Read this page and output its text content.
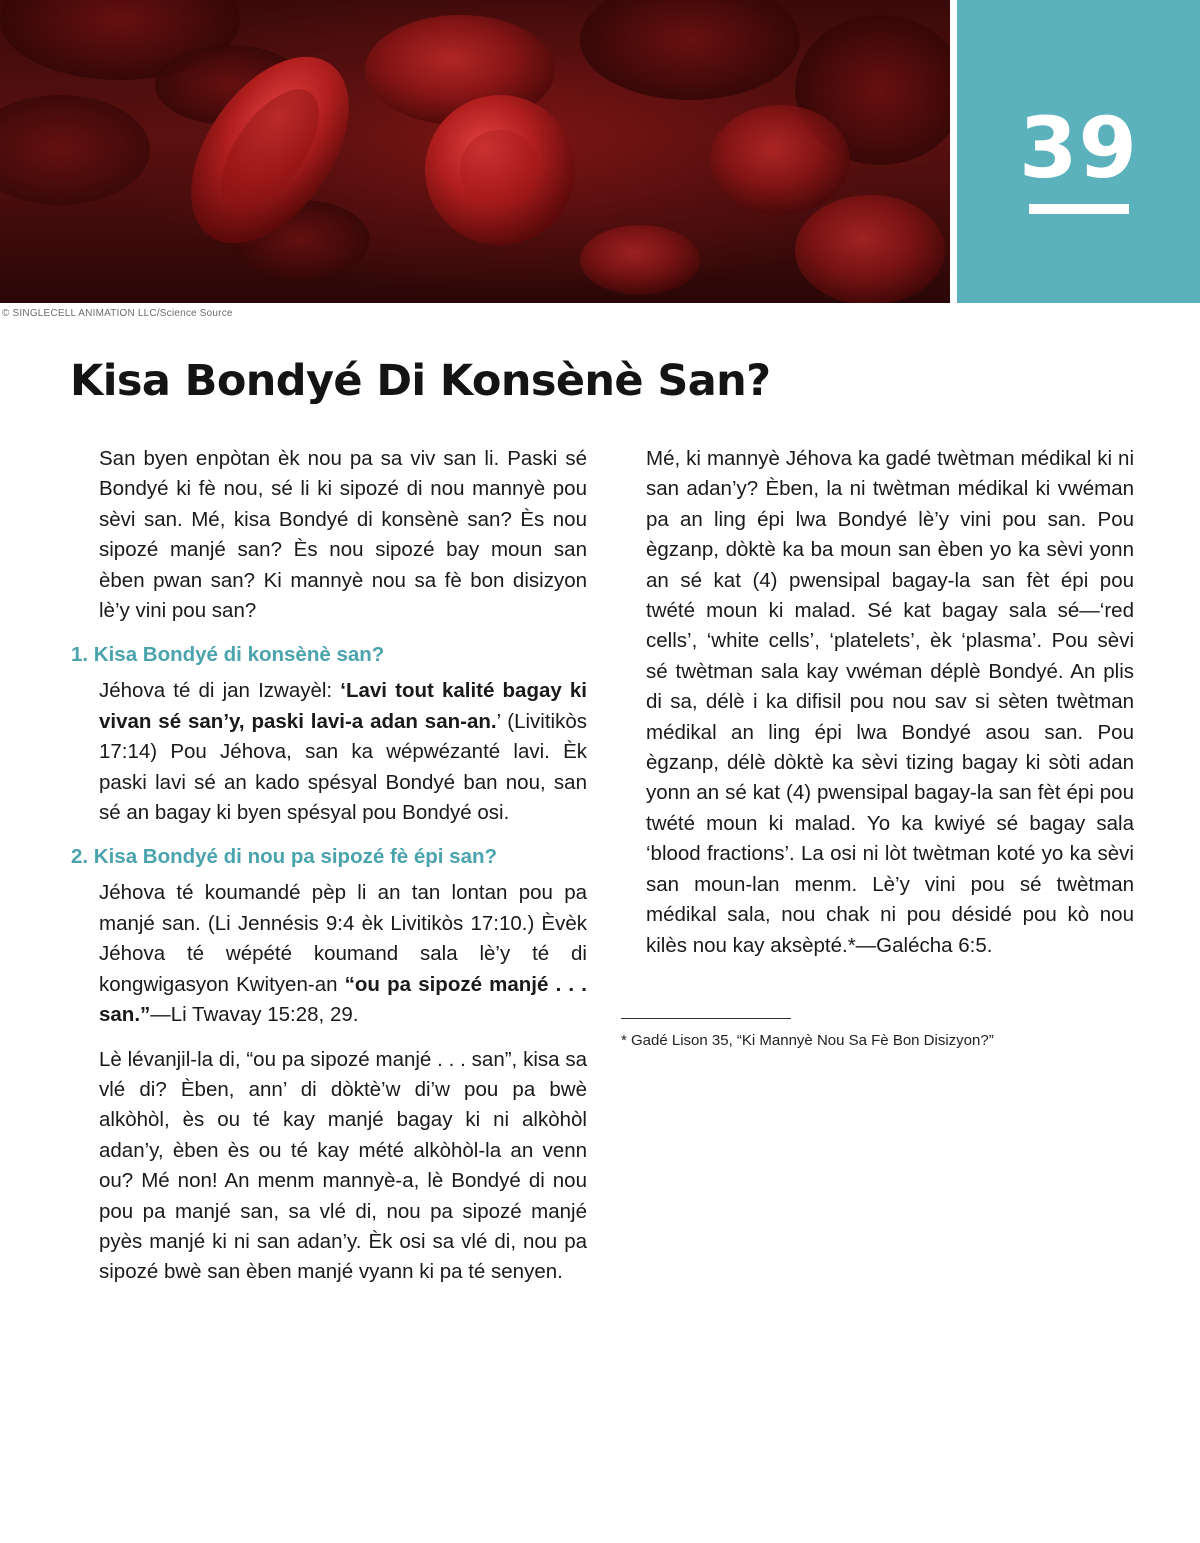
39
© SINGLECELL ANIMATION LLC/Science Source
Kisa Bondyé Di Konsènè San?

San byen enpòtan èk nou pa sa viv san li. Paski sé Bondyé ki fè nou, sé li ki sipozé di nou mannyè pou sèvi san. Mé, kisa Bondyé di konsènè san? Ès nou sipozé manjé san? Ès nou sipozé bay moun san èben pwan san? Ki mannyè nou sa fè bon disizyon lè’y vini pou san?

1. Kisa Bondyé di konsènè san?

Jéhova té di jan Izwayèl: ‘Lavi tout kalité bagay ki vivan sé san’y, paski lavi-a adan san-an.’ (Livitikòs 17:14) Pou Jéhova, san ka wépwézanté lavi. Èk paski lavi sé an kado spésyal Bondyé ban nou, san sé an bagay ki byen spésyal pou Bondyé osi.

2. Kisa Bondyé di nou pa sipozé fè épi san?

Jéhova té koumandé pèp li an tan lontan pou pa manjé san. (Li Jennésis 9:4 èk Livitikòs 17:10.) Èvèk Jéhova té wépété koumand sala lè’y té di kongwigasyon Kwityen-an “ou pa sipozé manjé . . . san.”—Li Twavay 15:28, 29.

Lè lévanjil-la di, “ou pa sipozé manjé . . . san”, kisa sa vlé di? Èben, ann’ di dòktè’w di’w pou pa bwè alkòhòl, ès ou té kay manjé bagay ki ni alkòhòl adan’y, èben ès ou té kay mété alkòhòl-la an venn ou? Mé non! An menm mannyè-a, lè Bondyé di nou pou pa manjé san, sa vlé di, nou pa sipozé manjé pyès manjé ki ni san adan’y. Èk osi sa vlé di, nou pa sipozé bwè san èben manjé vyann ki pa té senyen.

Mé, ki mannyè Jéhova ka gadé twètman médikal ki ni san adan’y? Èben, la ni twètman médikal ki vwéman pa an ling épi lwa Bondyé lè’y vini pou san. Pou ègzanp, dòktè ka ba moun san èben yo ka sèvi yonn an sé kat (4) pwensipal bagay-la san fèt épi pou twété moun ki malad. Sé kat bagay sala sé—‘red cells’, ‘white cells’, ‘platelets’, èk ‘plasma’. Pou sèvi sé twètman sala kay vwéman déplè Bondyé. An plis di sa, délè i ka difisil pou nou sav si sèten twètman médikal an ling épi lwa Bondyé asou san. Pou ègzanp, délè dòktè ka sèvi tizing bagay ki sòti adan yonn an sé kat (4) pwensipal bagay-la san fèt épi pou twété moun ki malad. Yo ka kwiyé sé bagay sala ‘blood fractions’. La osi ni lòt twètman koté yo ka sèvi san moun-lan menm. Lè’y vini pou sé twètman médikal sala, nou chak ni pou désidé pou kò nou kilès nou kay aksèpté.*—Galécha 6:5.

* Gadé Lison 35, “Ki Mannyè Nou Sa Fè Bon Disizyon?”
